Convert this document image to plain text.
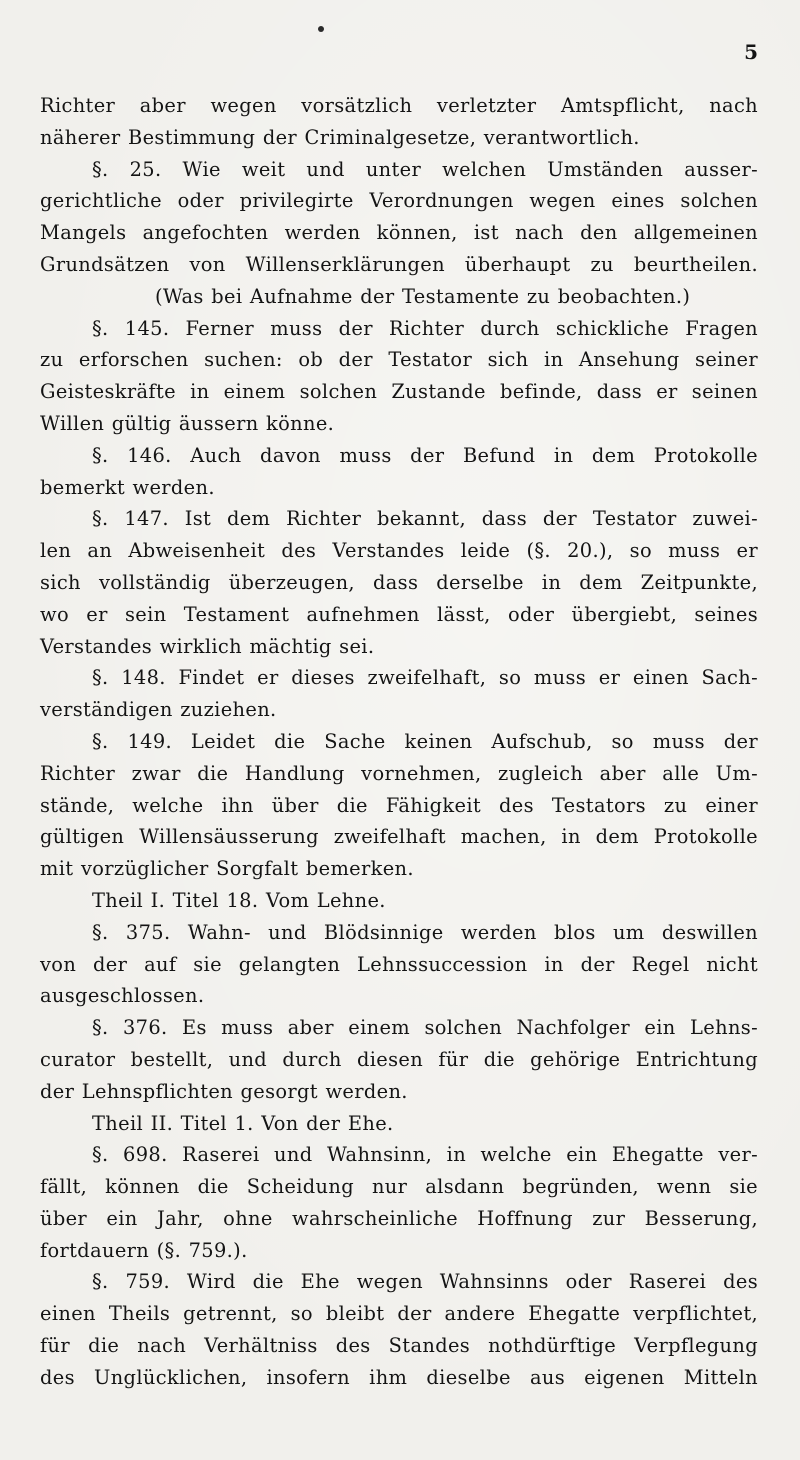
5
Richter aber wegen vorsätzlich verletzter Amtspflicht, nach
näherer Bestimmung der Criminalgesetze, verantwortlich.
§. 25. Wie weit und unter welchen Umständen ausser-
gerichtliche oder privilegirte Verordnungen wegen eines solchen
Mangels angefochten werden können, ist nach den allgemeinen
Grundsätzen von Willenserklärungen überhaupt zu beurtheilen.
(Was bei Aufnahme der Testamente zu beobachten.)
§. 145. Ferner muss der Richter durch schickliche Fragen
zu erforschen suchen: ob der Testator sich in Ansehung seiner
Geisteskräfte in einem solchen Zustande befinde, dass er seinen
Willen gültig äussern könne.
§. 146. Auch davon muss der Befund in dem Protokolle
bemerkt werden.
§. 147. Ist dem Richter bekannt, dass der Testator zuwei-
len an Abweisenheit des Verstandes leide (§. 20.), so muss er
sich vollständig überzeugen, dass derselbe in dem Zeitpunkte,
wo er sein Testament aufnehmen lässt, oder übergiebt, seines
Verstandes wirklich mächtig sei.
§. 148. Findet er dieses zweifelhaft, so muss er einen Sach-
verständigen zuziehen.
§. 149. Leidet die Sache keinen Aufschub, so muss der
Richter zwar die Handlung vornehmen, zugleich aber alle Um-
stände, welche ihn über die Fähigkeit des Testators zu einer
gültigen Willensäusserung zweifelhaft machen, in dem Protokolle
mit vorzüglicher Sorgfalt bemerken.
Theil I. Titel 18. Vom Lehne.
§. 375. Wahn- und Blödsinnige werden blos um deswillen
von der auf sie gelangten Lehnssuccession in der Regel nicht
ausgeschlossen.
§. 376. Es muss aber einem solchen Nachfolger ein Lehns-
curator bestellt, und durch diesen für die gehörige Entrichtung
der Lehnspflichten gesorgt werden.
Theil II. Titel 1. Von der Ehe.
§. 698. Raserei und Wahnsinn, in welche ein Ehegatte ver-
fällt, können die Scheidung nur alsdann begründen, wenn sie
über ein Jahr, ohne wahrscheinliche Hoffnung zur Besserung,
fortdauern (§. 759.).
§. 759. Wird die Ehe wegen Wahnsinns oder Raserei des
einen Theils getrennt, so bleibt der andere Ehegatte verpflichtet,
für die nach Verhältniss des Standes nothdürftige Verpflegung
des Unglücklichen, insofern ihm dieselbe aus eigenen Mitteln
